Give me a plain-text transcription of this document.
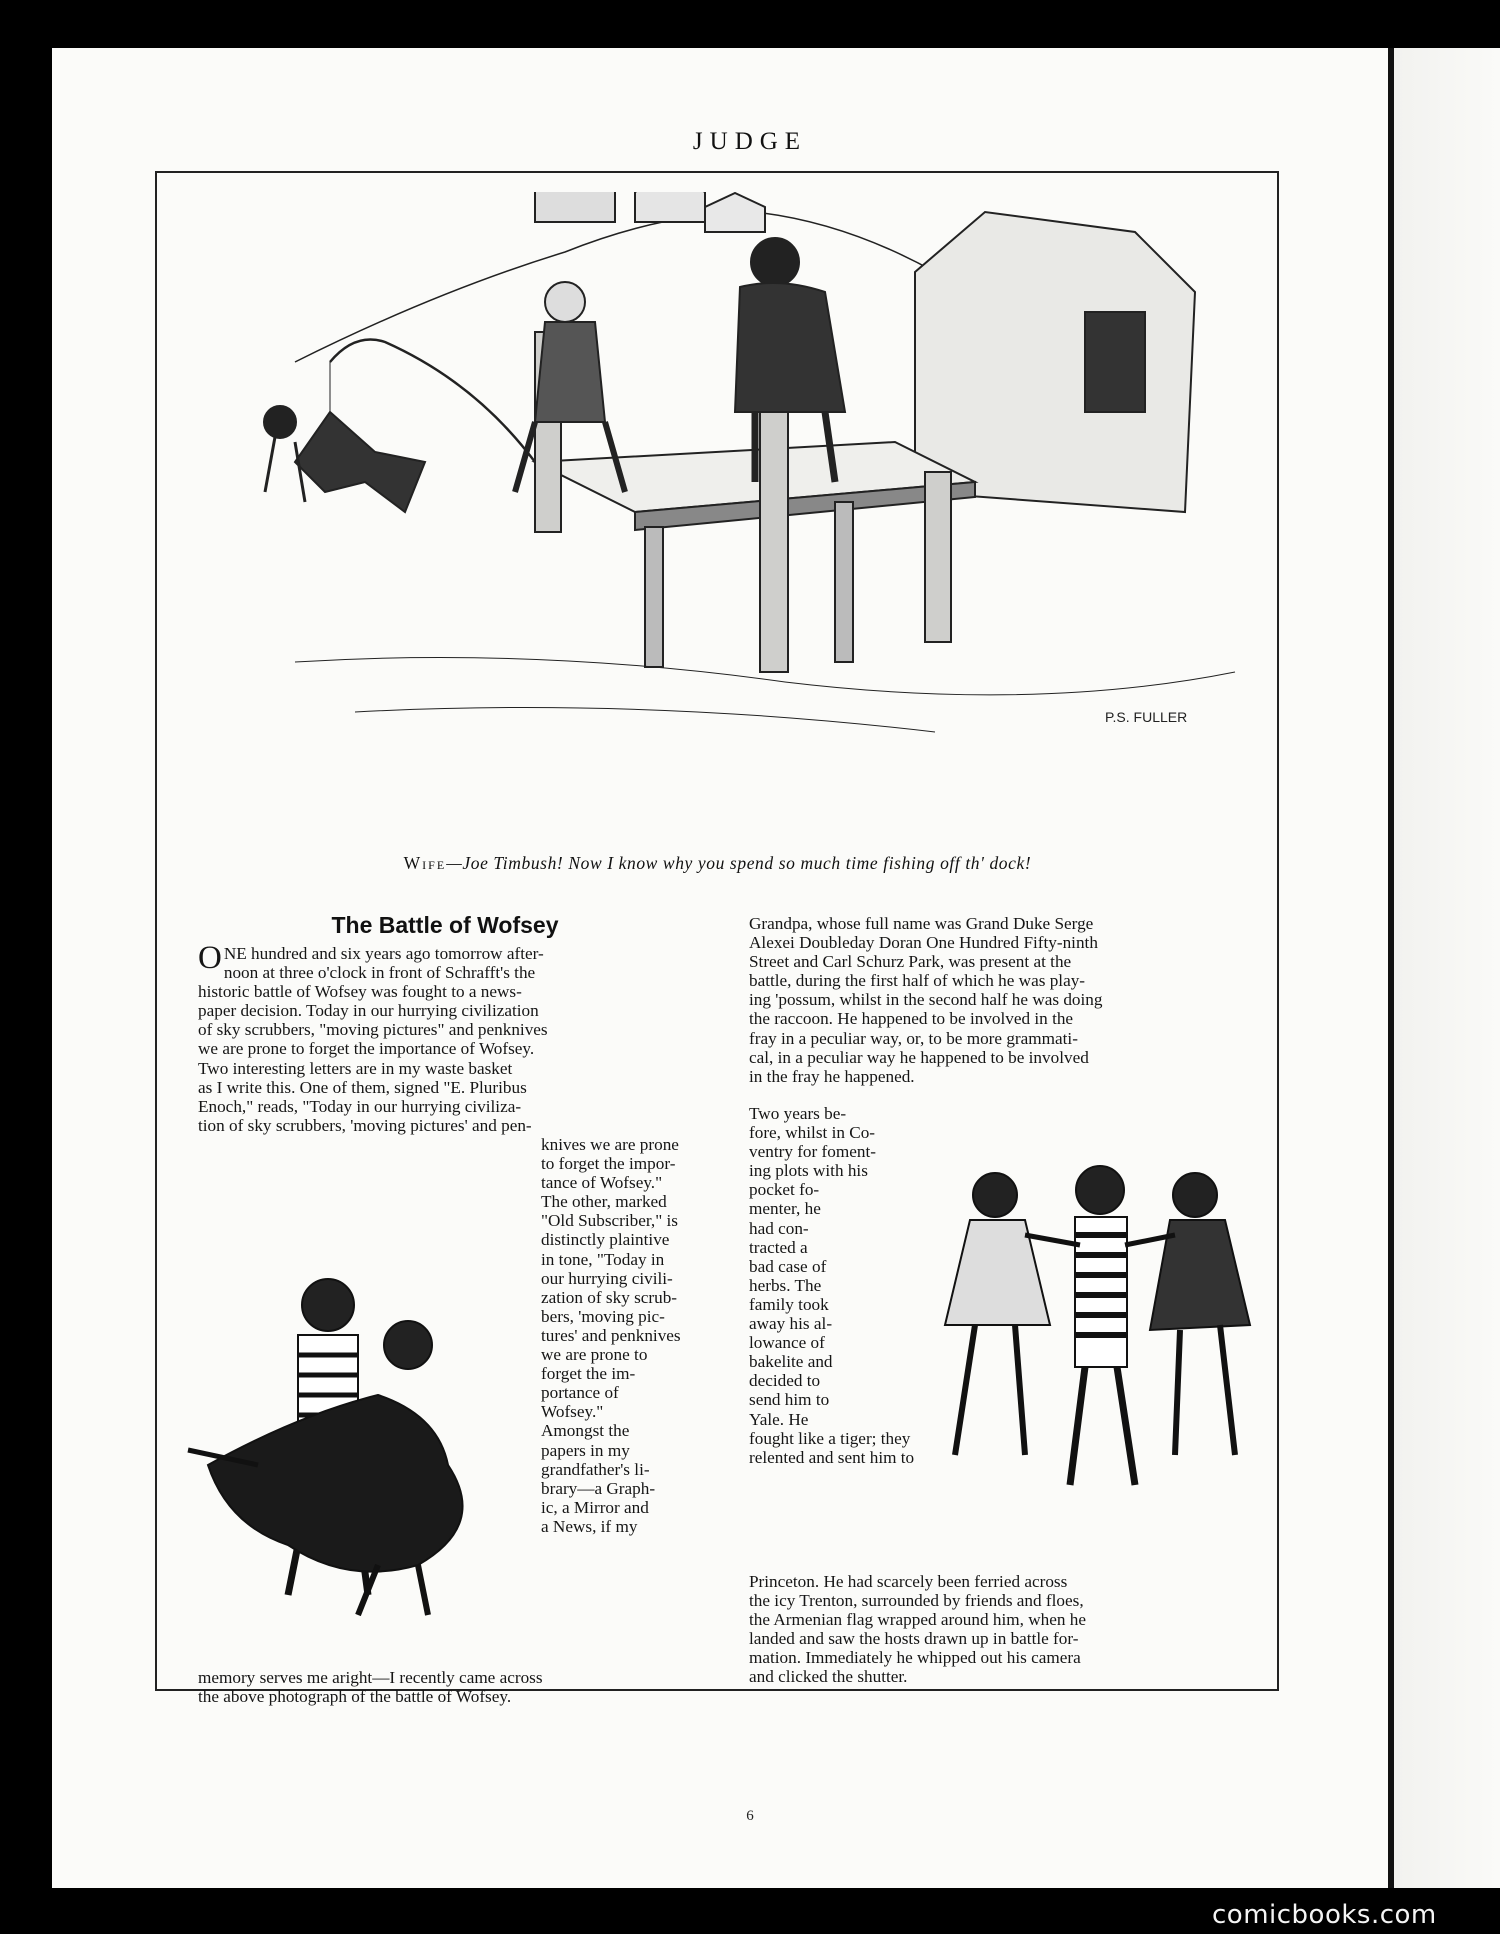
JUDGE
P.S. FULLER
Wife—Joe Timbush! Now I know why you spend so much time fishing off th' dock!
The Battle of Wofsey
O NE hundred and six years ago tomorrow after-

noon at three o'clock in front of Schrafft's the

historic battle of Wofsey was fought to a news-

paper decision. Today in our hurrying civilization

of sky scrubbers, "moving pictures" and penknives

we are prone to forget the importance of Wofsey.

Two interesting letters are in my waste basket

as I write this. One of them, signed "E. Pluribus

Enoch," reads, "Today in our hurrying civiliza-

tion of sky scrubbers, 'moving pictures' and pen-

knives we are prone

to forget the impor-

tance of Wofsey."

The other, marked

"Old Subscriber," is

distinctly plaintive

in tone, "Today in

our hurrying civili-

zation of sky scrub-

bers, 'moving pic-

tures' and penknives

we are prone to

forget the im-

portance of

Wofsey."

Amongst the

papers in my

grandfather's li-

brary—a Graph-

ic, a Mirror and

a News, if my

memory serves me aright—I recently came across

the above photograph of the battle of Wofsey.

Grandpa, whose full name was Grand Duke Serge

Alexei Doubleday Doran One Hundred Fifty-ninth

Street and Carl Schurz Park, was present at the

battle, during the first half of which he was play-

ing 'possum, whilst in the second half he was doing

the raccoon. He happened to be involved in the

fray in a peculiar way, or, to be more grammati-

cal, in a peculiar way he happened to be involved

in the fray he happened.

Two years be-

fore, whilst in Co-

ventry for foment-

ing plots with his

pocket fo-

menter, he

had con-

tracted a

bad case of

herbs. The

family took

away his al-

lowance of

bakelite and

decided to

send him to

Yale. He

fought like a tiger; they

relented and sent him to

Princeton. He had scarcely been ferried across

the icy Trenton, surrounded by friends and floes,

the Armenian flag wrapped around him, when he

landed and saw the hosts drawn up in battle for-

mation. Immediately he whipped out his camera

and clicked the shutter.

6
comicbooks.com
